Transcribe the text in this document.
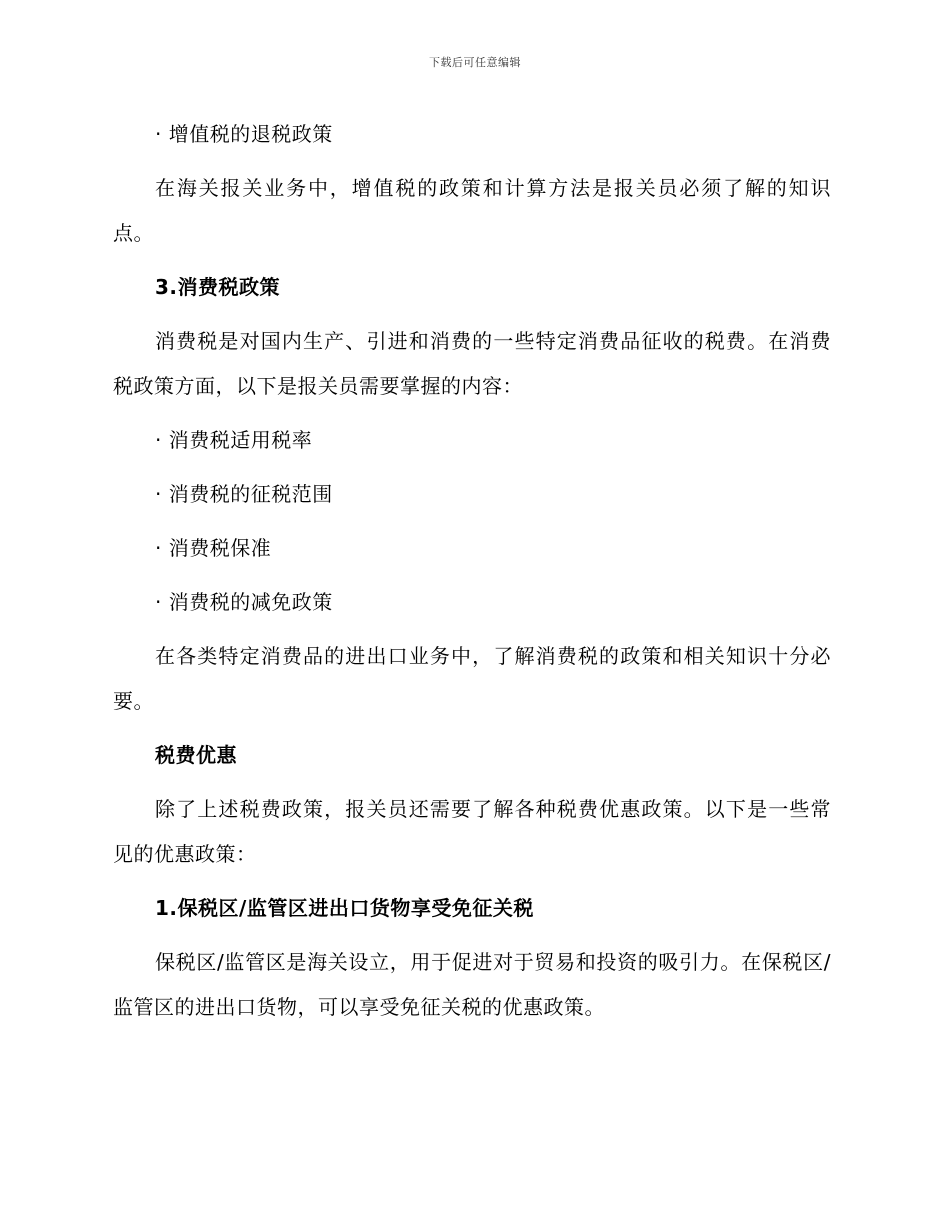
下载后可任意编辑

· 增值税的退税政策

在海关报关业务中，增值税的政策和计算方法是报关员必须了解的知识点。

3.消费税政策

消费税是对国内生产、引进和消费的一些特定消费品征收的税费。在消费税政策方面，以下是报关员需要掌握的内容：

· 消费税适用税率

· 消费税的征税范围

· 消费税保准

· 消费税的减免政策

在各类特定消费品的进出口业务中，了解消费税的政策和相关知识十分必要。

税费优惠

除了上述税费政策，报关员还需要了解各种税费优惠政策。以下是一些常见的优惠政策：

1.保税区/监管区进出口货物享受免征关税

保税区/监管区是海关设立，用于促进对于贸易和投资的吸引力。在保税区/监管区的进出口货物，可以享受免征关税的优惠政策。
